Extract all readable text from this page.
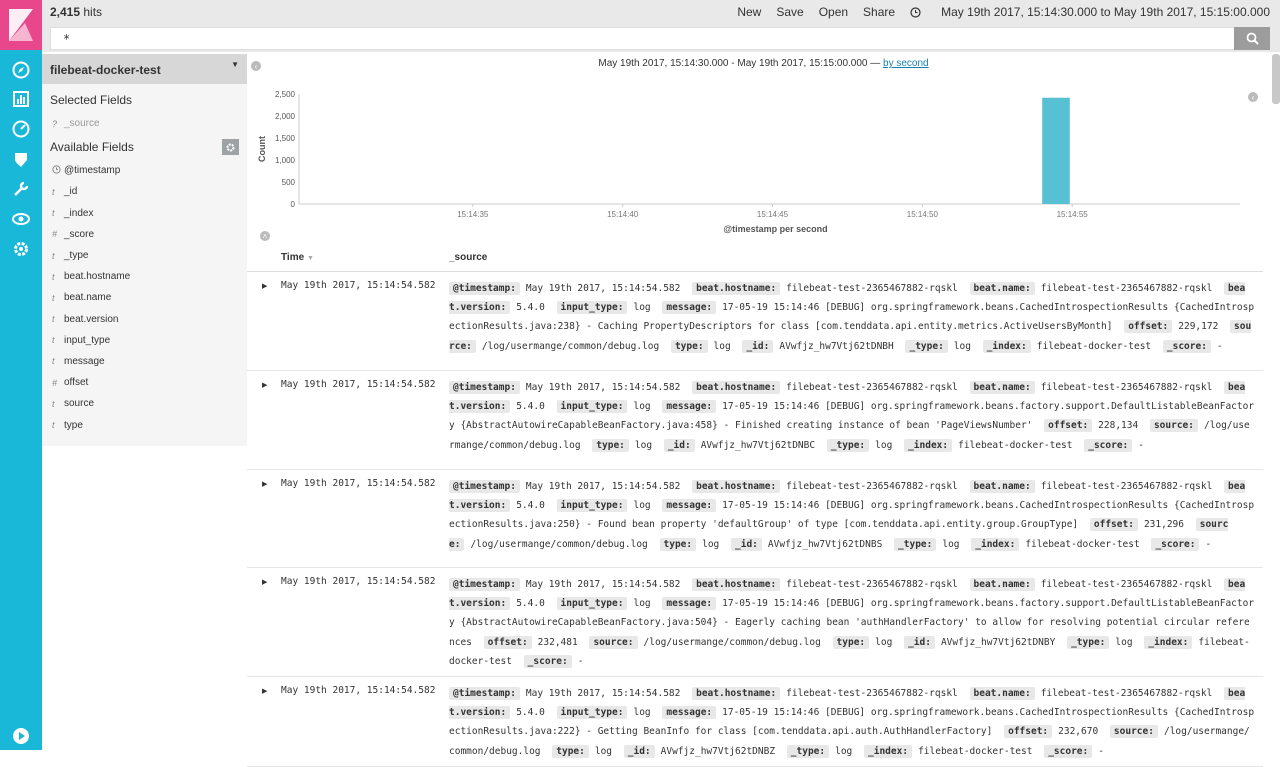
2,415 hits	New Save Open Share	May 19th 2017, 15:14:30.000 to May 19th 2017, 15:15:00.000
*
filebeat-docker-test	▼
Selected Fields
? _source
Available Fields
@timestamp
t _id
t _index
# _score
t _type
t beat.hostname
t beat.name
t beat.version
t input_type
t message
# offset
t source
t type
‹	May 19th 2017, 15:14:30.000 - May 19th 2017, 15:15:00.000 — by second
‹
0
500
1,000
1,500
2,000
2,500
15:14:35	15:14:40	15:14:45	15:14:50	15:14:55
Count
@timestamp per second
˄
Time ▼	_source
▶ May 19th 2017, 15:14:54.582	@timestamp: May 19th 2017, 15:14:54.582 beat.hostname: filebeat-test-2365467882-rqskl beat.name: filebeat-test-2365467882-rqskl beat.version: 5.4.0 input_type: log message: 17-05-19 15:14:46 [DEBUG] org.springframework.beans.CachedIntrospectionResults {CachedIntrospectionResults.java:238} - Caching PropertyDescriptors for class [com.tenddata.api.entity.metrics.ActiveUsersByMonth] offset: 229,172 source: /log/usermange/common/debug.log type: log _id: AVwfjz_hw7Vtj62tDNBH _type: log _index: filebeat-docker-test _score: -
▶ May 19th 2017, 15:14:54.582	@timestamp: May 19th 2017, 15:14:54.582 beat.hostname: filebeat-test-2365467882-rqskl beat.name: filebeat-test-2365467882-rqskl beat.version: 5.4.0 input_type: log message: 17-05-19 15:14:46 [DEBUG] org.springframework.beans.factory.support.DefaultListableBeanFactory {AbstractAutowireCapableBeanFactory.java:458} - Finished creating instance of bean 'PageViewsNumber' offset: 228,134 source: /log/usermange/common/debug.log type: log _id: AVwfjz_hw7Vtj62tDNBC _type: log _index: filebeat-docker-test _score: -
▶ May 19th 2017, 15:14:54.582	@timestamp: May 19th 2017, 15:14:54.582 beat.hostname: filebeat-test-2365467882-rqskl beat.name: filebeat-test-2365467882-rqskl beat.version: 5.4.0 input_type: log message: 17-05-19 15:14:46 [DEBUG] org.springframework.beans.CachedIntrospectionResults {CachedIntrospectionResults.java:250} - Found bean property 'defaultGroup' of type [com.tenddata.api.entity.group.GroupType] offset: 231,296 source: /log/usermange/common/debug.log type: log _id: AVwfjz_hw7Vtj62tDNBS _type: log _index: filebeat-docker-test _score: -
▶ May 19th 2017, 15:14:54.582	@timestamp: May 19th 2017, 15:14:54.582 beat.hostname: filebeat-test-2365467882-rqskl beat.name: filebeat-test-2365467882-rqskl beat.version: 5.4.0 input_type: log message: 17-05-19 15:14:46 [DEBUG] org.springframework.beans.factory.support.DefaultListableBeanFactory {AbstractAutowireCapableBeanFactory.java:504} - Eagerly caching bean 'authHandlerFactory' to allow for resolving potential circular references offset: 232,481 source: /log/usermange/common/debug.log type: log _id: AVwfjz_hw7Vtj62tDNBY _type: log _index: filebeat-docker-test _score: -
▶ May 19th 2017, 15:14:54.582	@timestamp: May 19th 2017, 15:14:54.582 beat.hostname: filebeat-test-2365467882-rqskl beat.name: filebeat-test-2365467882-rqskl beat.version: 5.4.0 input_type: log message: 17-05-19 15:14:46 [DEBUG] org.springframework.beans.CachedIntrospectionResults {CachedIntrospectionResults.java:222} - Getting BeanInfo for class [com.tenddata.api.auth.AuthHandlerFactory] offset: 232,670 source: /log/usermange/common/debug.log type: log _id: AVwfjz_hw7Vtj62tDNBZ _type: log _index: filebeat-docker-test _score: -
